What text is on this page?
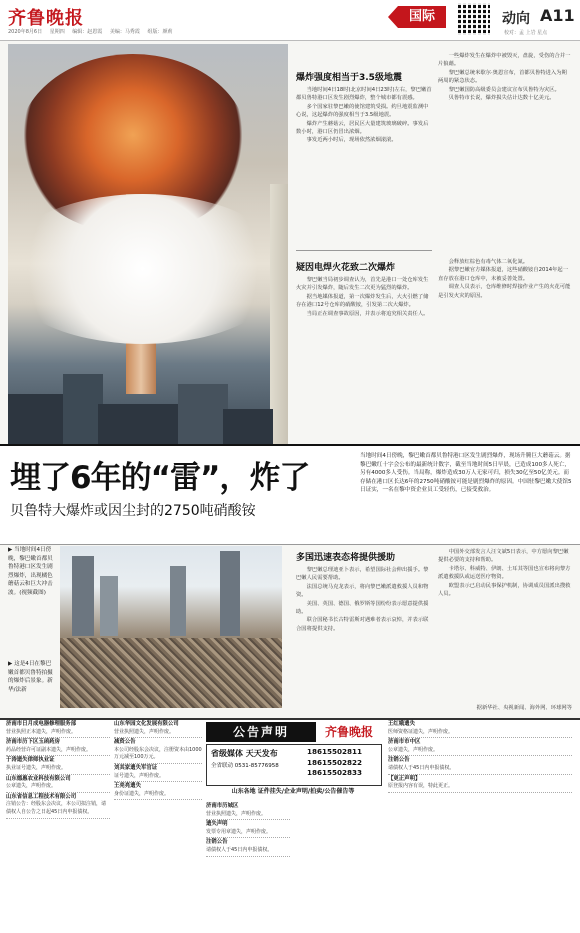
齐鲁晚报
2020年8月6日 星期四 编辑：赵恩霞 美编：马秀霞 组版：颜莉
国际	动向 A11
校对：孟 上岩 星点
爆炸强度相当于3.5级地震

当地时间4日18时(北京时间4日23时)左右，黎巴嫩首都贝鲁特港口区发生剧烈爆炸，整个城市都有震感。

多个国家驻黎巴嫩的使馆建筑受损。约旦地震监测中心说，这起爆炸的强度相当于3.5级地震。

爆炸产生蘑菇云，居民区大量建筑玻璃破碎。事发后数小时，港口区仍冒出浓烟。

事发近两小时后，现场依然浓烟滚滚。

疑因电焊火花致二次爆炸

黎巴嫩当局初步调查认为，首先是港口一处仓库发生火灾并引发爆炸，随后发生二次更为猛烈的爆炸。

据当地媒体报道，第一次爆炸发生后，大火引燃了储存在港口12号仓库的硝酸铵，引发第二次大爆炸。

当局正在调查事故原因，并表示将追究相关责任人。

一些爆炸发生在爆炸中被毁灭，盘旋，受伤的合并一片狼藉。

黎巴嫩总统米歇尔·奥恩宣布，首都贝鲁特进入为期两周的紧急状态。

黎巴嫩国防高级委员会建议宣布贝鲁特为灾区。

贝鲁特市长说，爆炸损失估计达数十亿美元。

会释放红棕色有毒气体二氧化氮。

据黎巴嫩官方媒体报道，这些硝酸铵自2014年起一直存放在港口仓库中，未被妥善处置。

调查人员表示，仓库维修时焊接作业产生的火花可能是引发火灾的原因。

埋了6年的“雷”，炸了
贝鲁特大爆炸或因尘封的2750吨硝酸铵
当地时间4日傍晚，黎巴嫩首都贝鲁特港口区发生剧烈爆炸，现场升腾巨大蘑菇云。据黎巴嫩红十字会公布的最新统计数字，截至当地时间5日早晨，已造成100多人死亡，另有4000多人受伤。当局称，爆炸造成30万人无家可归，损失30亿至50亿美元。而存储在港口区长达6年的2750吨硝酸铵可能是剧烈爆炸的原因。中国驻黎巴嫩大使馆5日证实，一名在黎中资企业员工受轻伤，已接受救治。
▶ 当地时间4日傍晚，黎巴嫩首都贝鲁特港口区发生剧烈爆炸，出现橘色蘑菇云和巨大冲击波。(视频截图)
▶ 这是4日在黎巴嫩首都贝鲁特拍摄的爆炸后景象。新华/法新
多国迅速表态将提供援助

黎巴嫩总理迪亚卜表示，希望国际社会伸出援手。黎巴嫩人民需要帮助。

法国总统马克龙表示，将向黎巴嫩派遣救援人员和物资。

美国、英国、德国、俄罗斯等国纷纷表示愿意提供援助。

联合国秘书长古特雷斯对遇难者表示哀悼，并表示联合国将提供支持。

中国外交部发言人汪文斌5日表示，中方愿向黎巴嫩提供必要的支持和帮助。

卡塔尔、科威特、伊朗、土耳其等国也宣布将向黎方派遣救援队或运送医疗物资。

欧盟表示已启动民事保护机制，协调成员国派出搜救人员。

据新华社、央视新闻、海外网、环球网等
济南市日月成电器修理服务部
营业执照正本遗失，声明作废。
济南市历下区玉函药房
药品经营许可证副本遗失，声明作废。
于涛遗失律师执业证
执业证号遗失，声明作废。
山东德惠农业科技有限公司
公章遗失，声明作废。
山东省信息工程技术有限公司
注销公告：经股东会决议，本公司拟注销，请债权人自公告之日起45日内申报债权。
山东华园文化发展有限公司
营业执照遗失，声明作废。
减资公告
本公司经股东会决议，注册资本由1000万元减至100万元。
刘其家遗失军官证
证号遗失，声明作废。
王亮亮遗失
身份证遗失，声明作废。
济南市历城区
营业执照遗失，声明作废。
遗失声明
发票专用章遗失，声明作废。
注销公告
请债权人于45日内申报债权。
王红娥遗失
医师资格证遗失，声明作废。
济南市市中区
公章遗失，声明作废。
注销公告
请债权人于45日内申报债权。
【更正声明】
原登报内容有误，特此更正。
公告声明	齐鲁晚报
省级媒体 天天发布
全省联动 0531-85776958
18615502811
18615502822
18615502833
山东各地 证件挂失/企业声明/拍卖/公告催告等
